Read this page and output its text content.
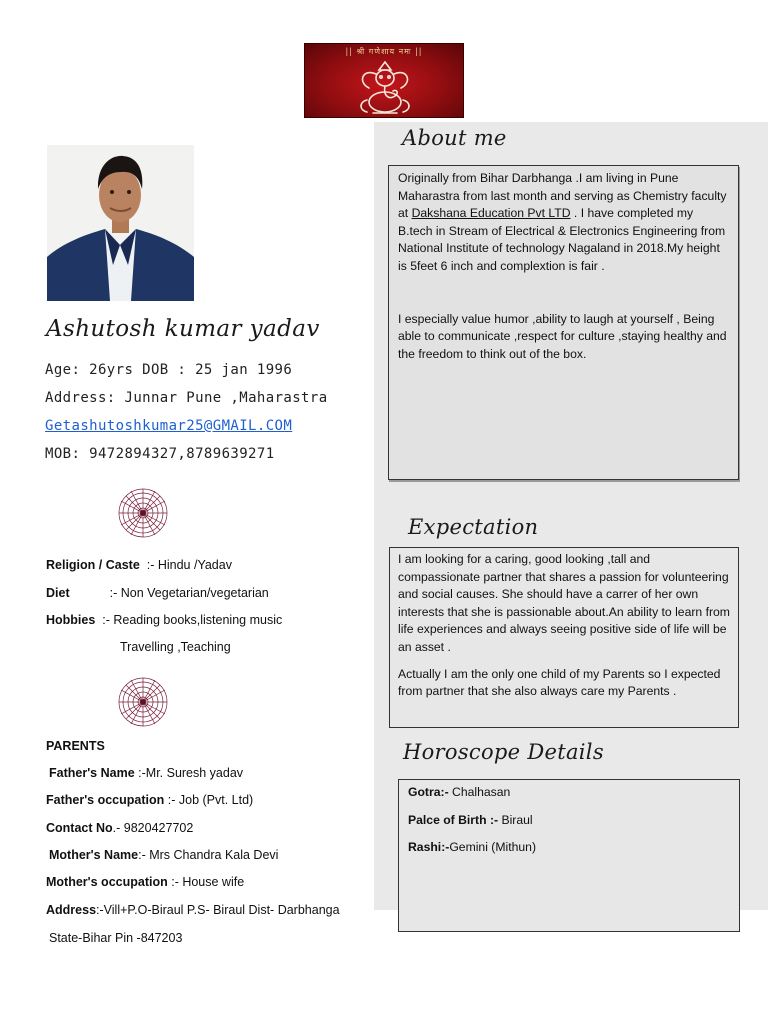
|| श्री गणेशाय नमः ||
About me

Originally from Bihar Darbhanga .I am living in Pune Maharastra from last month and serving as Chemistry faculty at Dakshana Education Pvt LTD . I have completed my B.tech in Stream of Electrical & Electronics Engineering from National Institute of technology Nagaland in 2018.My height is 5feet 6 inch and complextion is fair .

I especially value humor ,ability to laugh at yourself , Being able to communicate ,respect for culture ,staying healthy and the freedom to think out of the box.

Expectation

I am looking for a caring, good looking ,tall and compassionate partner that shares a passion for volunteering and social causes. She should have a carrer of her own interests that she is passionable about.An ability to learn from life experiences and always seeing positive side of life will be an asset .

Actually I am the only one child of my Parents so I expected from partner that she also always care my Parents .

Horoscope Details
Gotra:- Chalhasan
Palce of Birth :- Biraul
Rashi:-Gemini (Mithun)
Ashutosh kumar yadav
Age: 26yrs DOB : 25 jan 1996
Address: Junnar Pune ,Maharastra
Getashutoshkumar25@GMAIL.COM
MOB: 9472894327,8789639271
Religion / Caste :- Hindu /Yadav
Diet	:- Non Vegetarian/vegetarian
Hobbies :- Reading books,listening music
Travelling ,Teaching
PARENTS
Father's Name :-Mr. Suresh yadav
Father's occupation :- Job (Pvt. Ltd)
Contact No.- 9820427702
Mother's Name:- Mrs Chandra Kala Devi
Mother's occupation :- House wife
Address:-Vill+P.O-Biraul P.S- Biraul Dist- Darbhanga
State-Bihar Pin -847203
